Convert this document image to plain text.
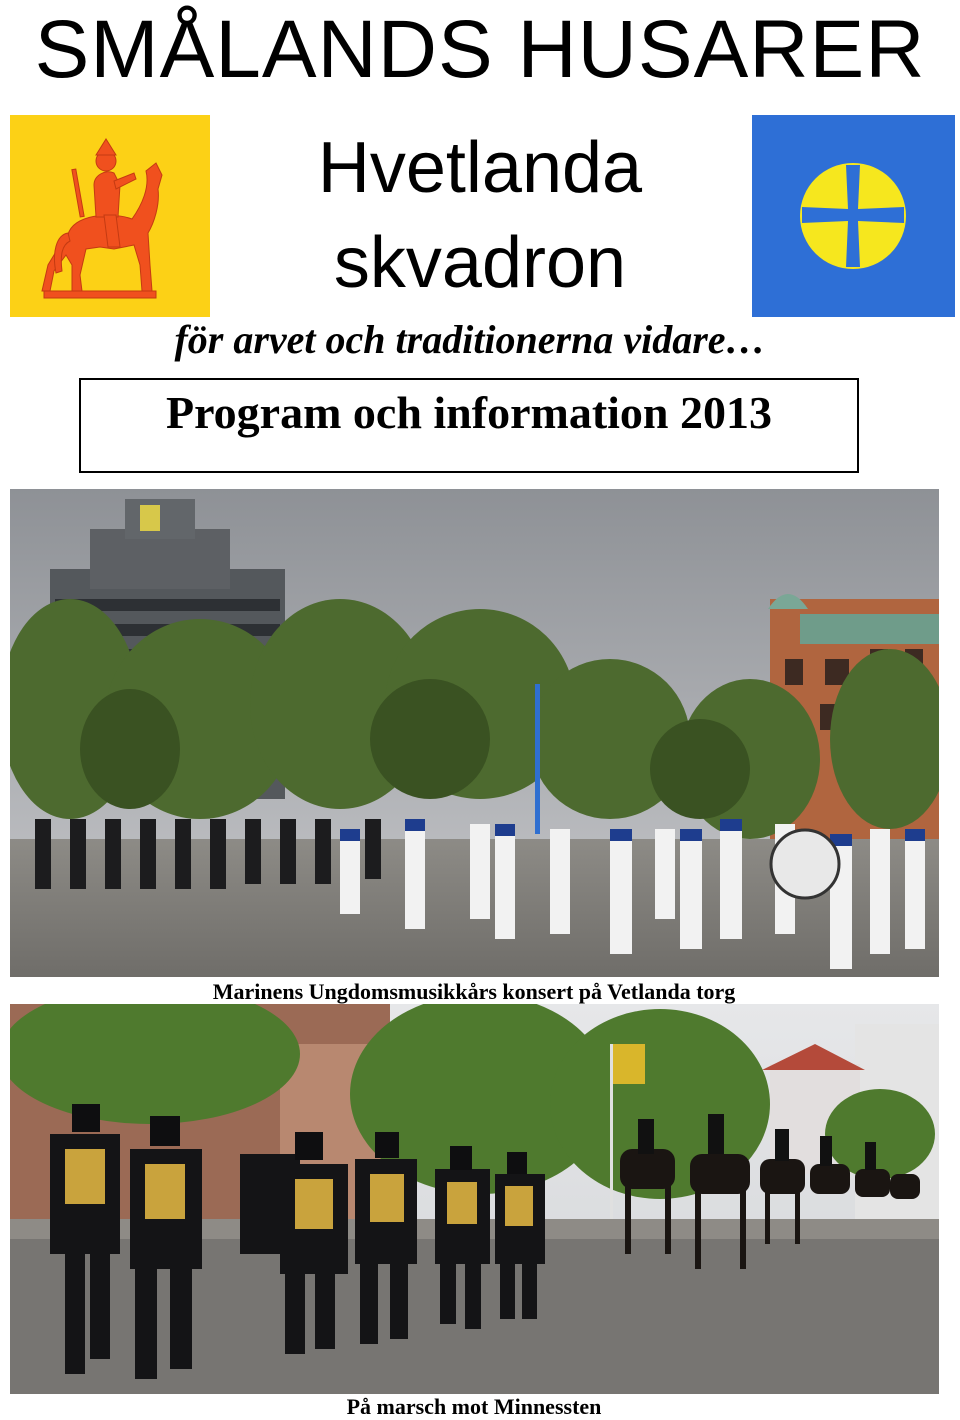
SMÅLANDS HUSARER
Hvetlanda
skvadron
för arvet och traditionerna vidare…
Program och information 2013
Marinens Ungdomsmusikkårs konsert på Vetlanda torg
På marsch mot Minnessten
